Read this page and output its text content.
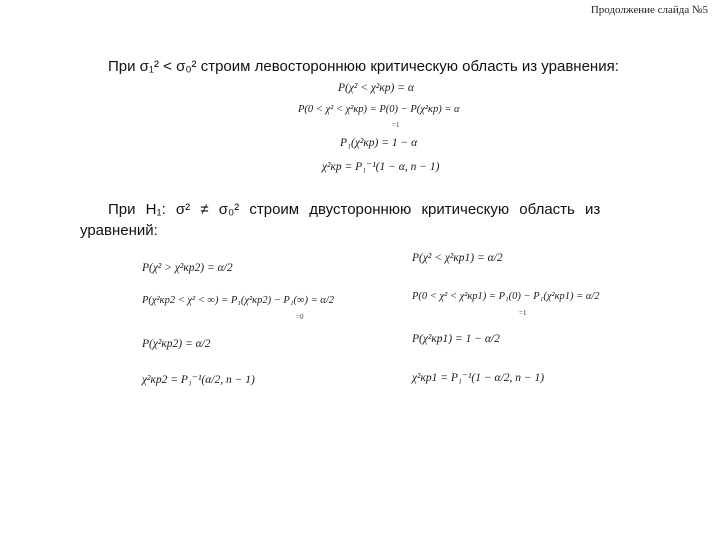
Продолжение слайда №5
При σ₁² < σ₀² строим левостороннюю критическую область из уравнения:
P(χ² < χ²кр) = α
P(0 < χ² < χ²кр) = P(0) − P(χ²кр) = α
=1
P₁(χ²кр) = 1 − α
χ²кр = P₁⁻¹(1 − α, n − 1)
При H₁: σ² ≠ σ₀² строим двустороннюю критическую область из
уравнений:
P(χ² > χ²кр2) = α/2
P(χ²кр2 < χ² < ∞) = P₁(χ²кр2) − P₁(∞) = α/2
=0
P(χ²кр2) = α/2
χ²кр2 = P₁⁻¹(α/2, n − 1)
P(χ² < χ²кр1) = α/2
P(0 < χ² < χ²кр1) = P₁(0) − P₁(χ²кр1) = α/2
=1
P(χ²кр1) = 1 − α/2
χ²кр1 = P₁⁻¹(1 − α/2, n − 1)
